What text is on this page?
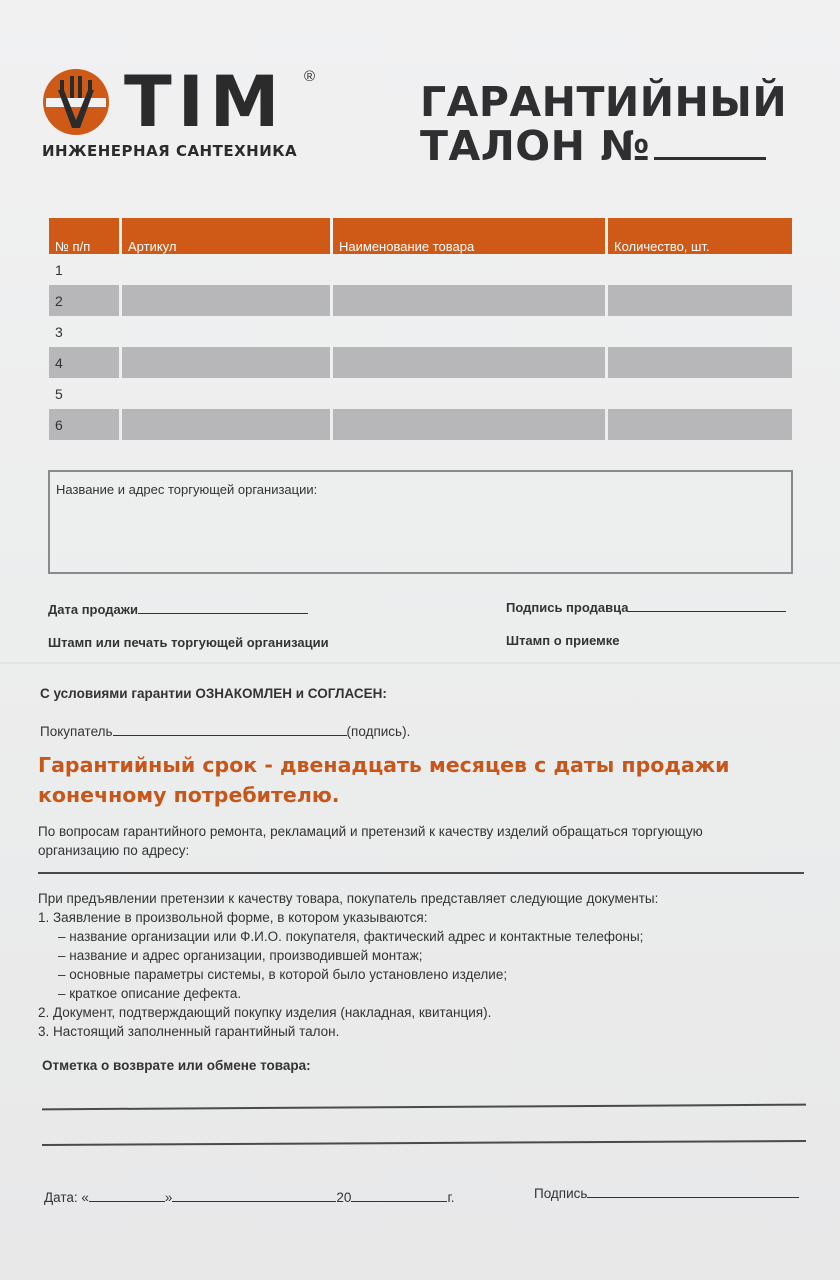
TIM ®
ИНЖЕНЕРНАЯ САНТЕХНИКА
ГАРАНТИЙНЫЙ
ТАЛОН №
№ п/п	Артикул	Наименование товара	Количество, шт.
1			
2			
3			
4			
5			
6			
Название и адрес торгующей организации:
Дата продажи	Подпись продавца
Штамп или печать торгующей организации	Штамп о приемке
С условиями гарантии ОЗНАКОМЛЕН и СОГЛАСЕН:
Покупатель	(подпись).
Гарантийный срок - двенадцать месяцев с даты продажи
конечному потребителю.
По вопросам гарантийного ремонта, рекламаций и претензий к качеству изделий обращаться торгующую
организацию по адресу:
При предъявлении претензии к качеству товара, покупатель представляет следующие документы:
1. Заявление в произвольной форме, в котором указываются:
– название организации или Ф.И.О. покупателя, фактический адрес и контактные телефоны;
– название и адрес организации, производившей монтаж;
– основные параметры системы, в которой было установлено изделие;
– краткое описание дефекта.
2. Документ, подтверждающий покупку изделия (накладная, квитанция).
3. Настоящий заполненный гарантийный талон.
Отметка о возврате или обмене товара:
Дата: «	»	20	г.	Подпись
